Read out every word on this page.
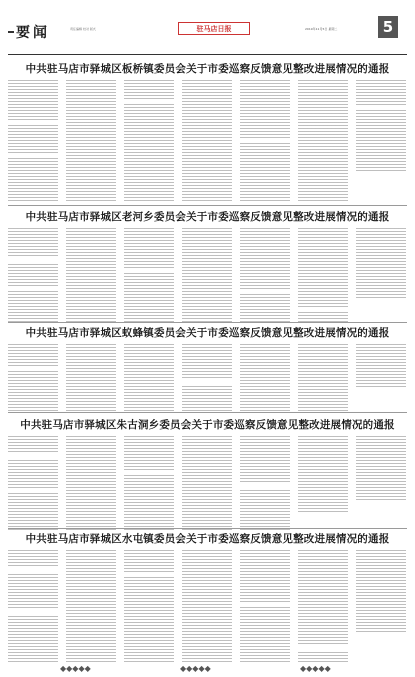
要闻	责任编辑 校对 版式	驻马店日报	2019年11月5日 星期二	5
中共驻马店市驿城区板桥镇委员会关于市委巡察反馈意见整改进展情况的通报
中共驻马店市驿城区老河乡委员会关于市委巡察反馈意见整改进展情况的通报
中共驻马店市驿城区蚁蜂镇委员会关于市委巡察反馈意见整改进展情况的通报
中共驻马店市驿城区朱古洞乡委员会关于市委巡察反馈意见整改进展情况的通报
中共驻马店市驿城区水屯镇委员会关于市委巡察反馈意见整改进展情况的通报
◆◆◆◆◆	◆◆◆◆◆	◆◆◆◆◆
